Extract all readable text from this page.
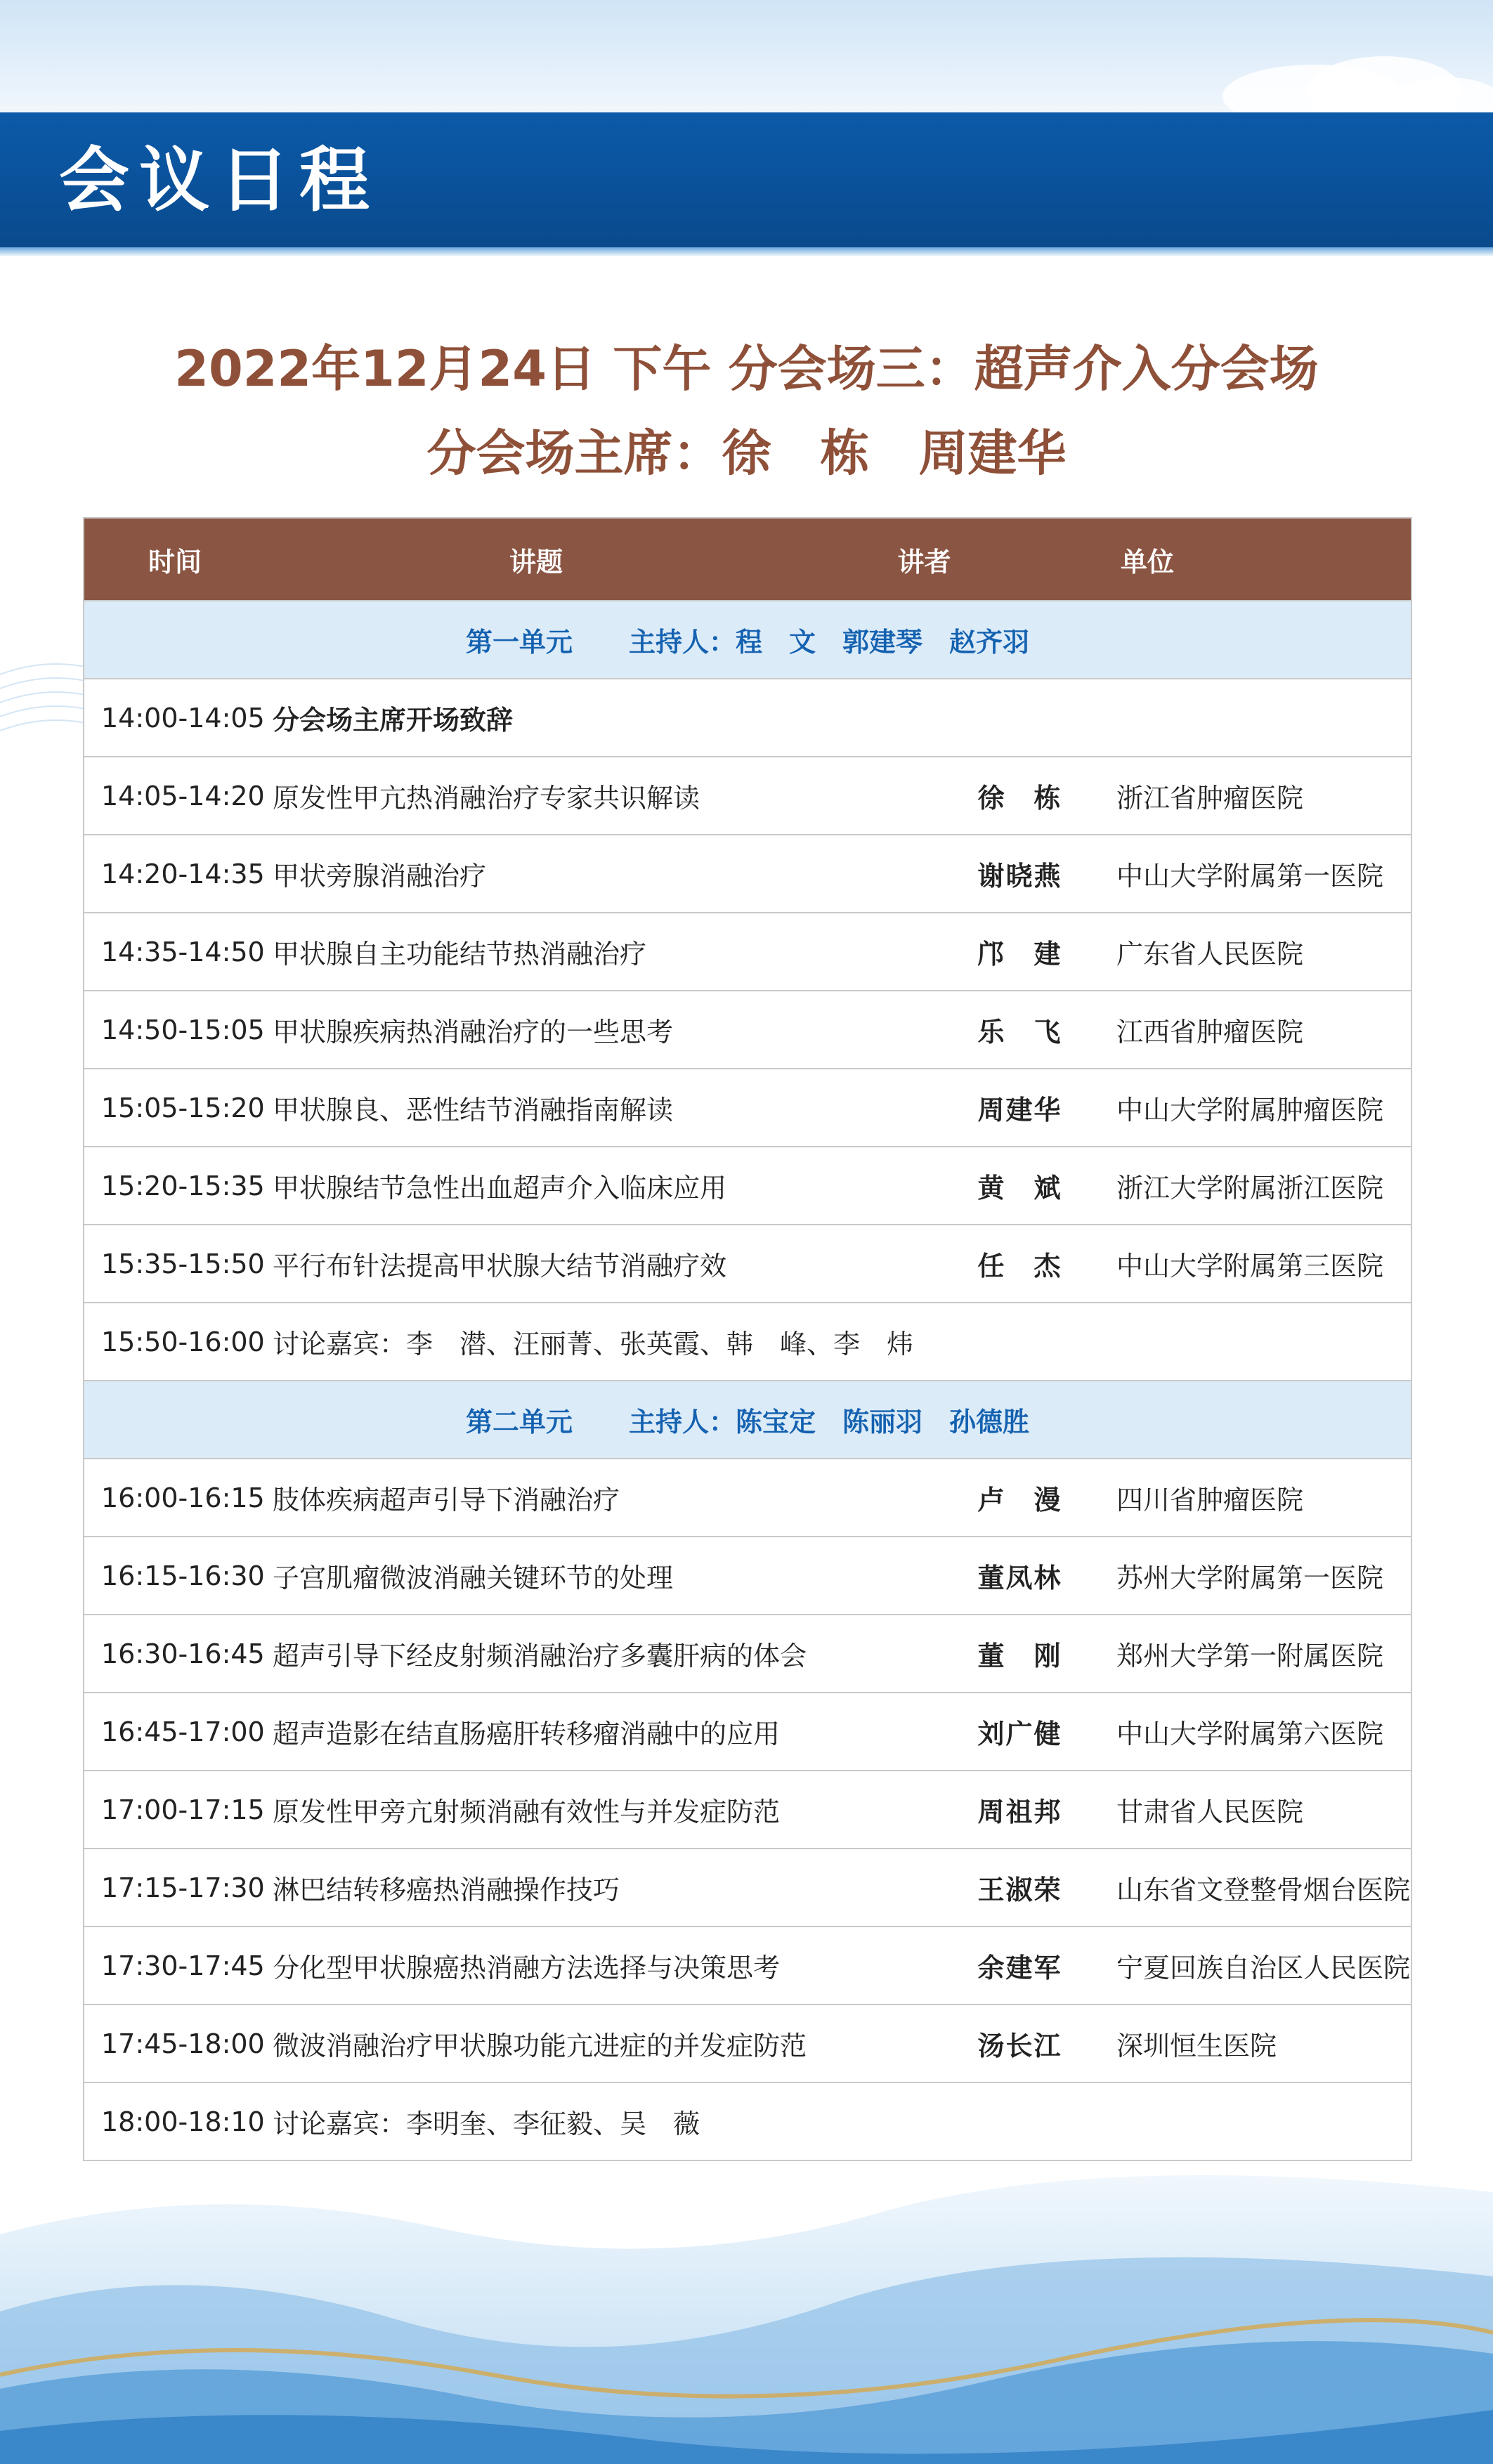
会议日程
2022年12月24日 下午 分会场三：超声介入分会场
分会场主席：徐　栋　周建华
时间	讲题	讲者	单位
第一单元 主持人：程　文　郭建琴　赵齐羽
14:00-14:05 分会场主席开场致辞
14:05-14:20 原发性甲亢热消融治疗专家共识解读	徐　栋	浙江省肿瘤医院
14:20-14:35 甲状旁腺消融治疗	谢晓燕	中山大学附属第一医院
14:35-14:50 甲状腺自主功能结节热消融治疗	邝　建	广东省人民医院
14:50-15:05 甲状腺疾病热消融治疗的一些思考	乐　飞	江西省肿瘤医院
15:05-15:20 甲状腺良、恶性结节消融指南解读	周建华	中山大学附属肿瘤医院
15:20-15:35 甲状腺结节急性出血超声介入临床应用	黄　斌	浙江大学附属浙江医院
15:35-15:50 平行布针法提高甲状腺大结节消融疗效	任　杰	中山大学附属第三医院
15:50-16:00 讨论嘉宾：李　潜、汪丽菁、张英霞、韩　峰、李　炜
第二单元 主持人：陈宝定　陈丽羽　孙德胜
16:00-16:15 肢体疾病超声引导下消融治疗	卢　漫	四川省肿瘤医院
16:15-16:30 子宫肌瘤微波消融关键环节的处理	董凤林	苏州大学附属第一医院
16:30-16:45 超声引导下经皮射频消融治疗多囊肝病的体会	董　刚	郑州大学第一附属医院
16:45-17:00 超声造影在结直肠癌肝转移瘤消融中的应用	刘广健	中山大学附属第六医院
17:00-17:15 原发性甲旁亢射频消融有效性与并发症防范	周祖邦	甘肃省人民医院
17:15-17:30 淋巴结转移癌热消融操作技巧	王淑荣	山东省文登整骨烟台医院
17:30-17:45 分化型甲状腺癌热消融方法选择与决策思考	余建军	宁夏回族自治区人民医院
17:45-18:00 微波消融治疗甲状腺功能亢进症的并发症防范	汤长江	深圳恒生医院
18:00-18:10 讨论嘉宾：李明奎、李征毅、吴　薇
